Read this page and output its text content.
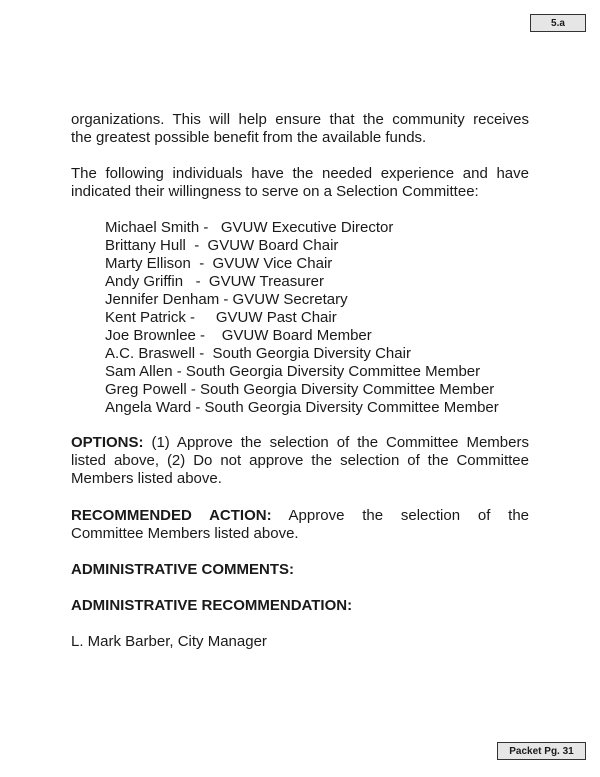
5.a

organizations. This will help ensure that the community receives
the greatest possible benefit from the available funds.

The following individuals have the needed experience and have
indicated their willingness to serve on a Selection Committee:

Michael Smith -   GVUW Executive Director
Brittany Hull  -  GVUW Board Chair
Marty Ellison  -  GVUW Vice Chair
Andy Griffin   -  GVUW Treasurer
Jennifer Denham - GVUW Secretary
Kent Patrick -     GVUW Past Chair
Joe Brownlee -    GVUW Board Member
A.C. Braswell -  South Georgia Diversity Chair
Sam Allen - South Georgia Diversity Committee Member
Greg Powell - South Georgia Diversity Committee Member
Angela Ward - South Georgia Diversity Committee Member

OPTIONS: (1) Approve the selection of the Committee Members
listed above, (2) Do not approve the selection of the Committee
Members listed above.

RECOMMENDED ACTION: Approve the selection of the
Committee Members listed above.

ADMINISTRATIVE COMMENTS:

ADMINISTRATIVE RECOMMENDATION:

L. Mark Barber, City Manager

Packet Pg. 31
